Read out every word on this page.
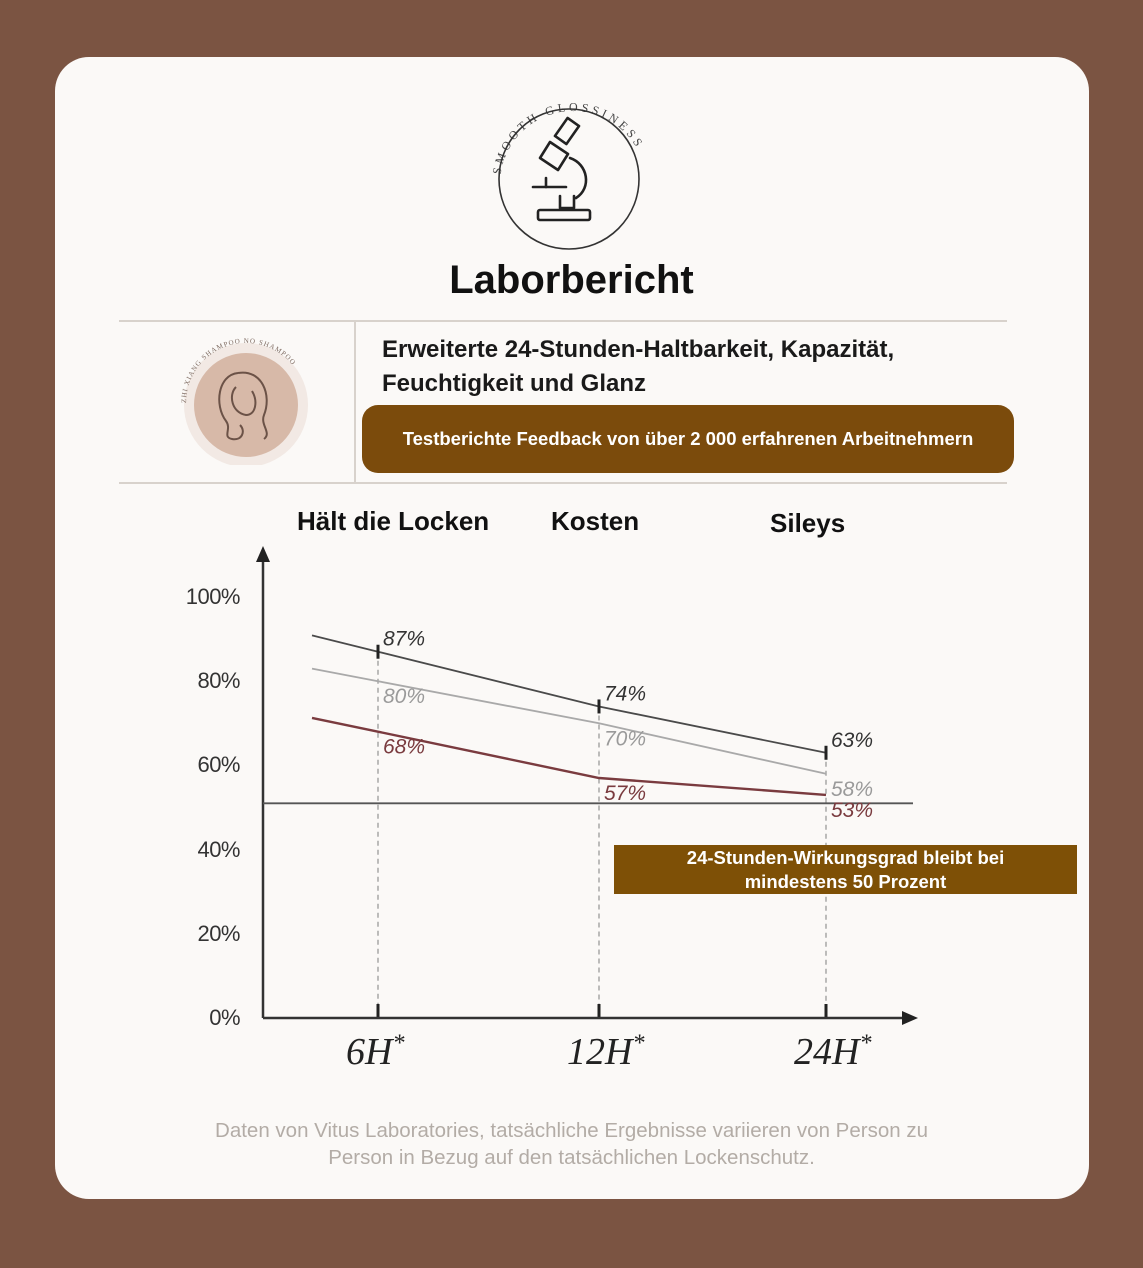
SMOOTH GLOSSINESS
Laborbericht
ZHI XIANG SHAMPOO NO SHAMPOO	Erweiterte 24-Stunden-Haltbarkeit, Kapazität,
Feuchtigkeit und Glanz
Testberichte Feedback von über 2 000 erfahrenen Arbeitnehmern
Hält die Locken Kosten	Sileys
87%
74%
63%
80%
70%
58%
68%
57%
53%
100%
80%
60%
40%
20%
0%
6H*	12H*	24H*
24-Stunden-Wirkungsgrad bleibt bei
mindestens 50 Prozent
Daten von Vitus Laboratories, tatsächliche Ergebnisse variieren von Person zu
Person in Bezug auf den tatsächlichen Lockenschutz.
